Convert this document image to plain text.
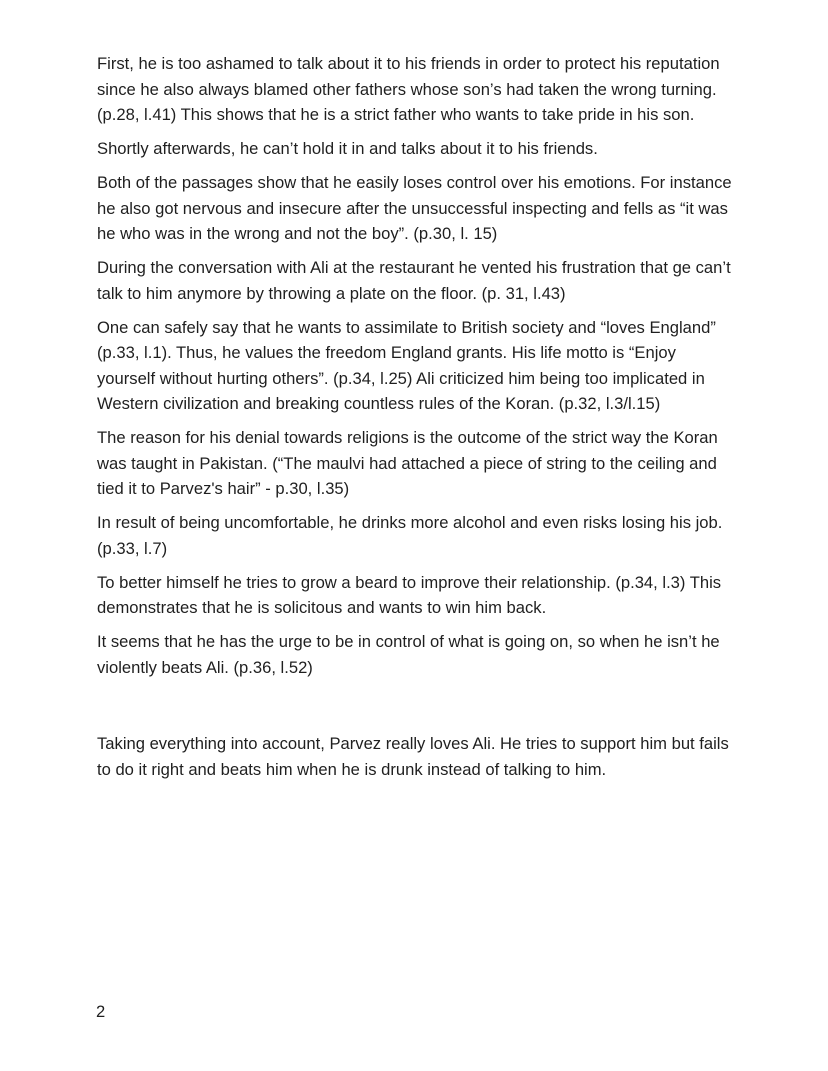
First, he is too ashamed to talk about it to his friends in order to protect his reputation since he also always blamed other fathers whose son’s had taken the wrong turning. (p.28, l.41) This shows that he is a strict father who wants to take pride in his son.

Shortly afterwards, he can’t hold it in and talks about it to his friends.

Both of the passages show that he easily loses control over his emotions. For instance he also got nervous and insecure after the unsuccessful inspecting and fells as “it was he who was in the wrong and not the boy”. (p.30, l. 15)

During the conversation with Ali at the restaurant he vented his frustration that ge can’t talk to him anymore by throwing a plate on the floor. (p. 31, l.43)

One can safely say that he wants to assimilate to British society and “loves England” (p.33, l.1). Thus, he values the freedom England grants. His life motto is “Enjoy yourself without hurting others”. (p.34, l.25) Ali criticized him being too implicated in Western civilization and breaking countless rules of the Koran. (p.32, l.3/l.15)

The reason for his denial towards religions is the outcome of the strict way the Koran was taught in Pakistan. (“The maulvi had attached a piece of string to the ceiling and tied it to Parvez's hair” - p.30, l.35)

In result of being uncomfortable, he drinks more alcohol and even risks losing his job. (p.33, l.7)

To better himself he tries to grow a beard to improve their relationship. (p.34, l.3) This demonstrates that he is solicitous and wants to win him back.

It seems that he has the urge to be in control of what is going on, so when he isn’t he violently beats Ali. (p.36, l.52)

Taking everything into account, Parvez really loves Ali. He tries to support him but fails to do it right and beats him when he is drunk instead of talking to him.

2
